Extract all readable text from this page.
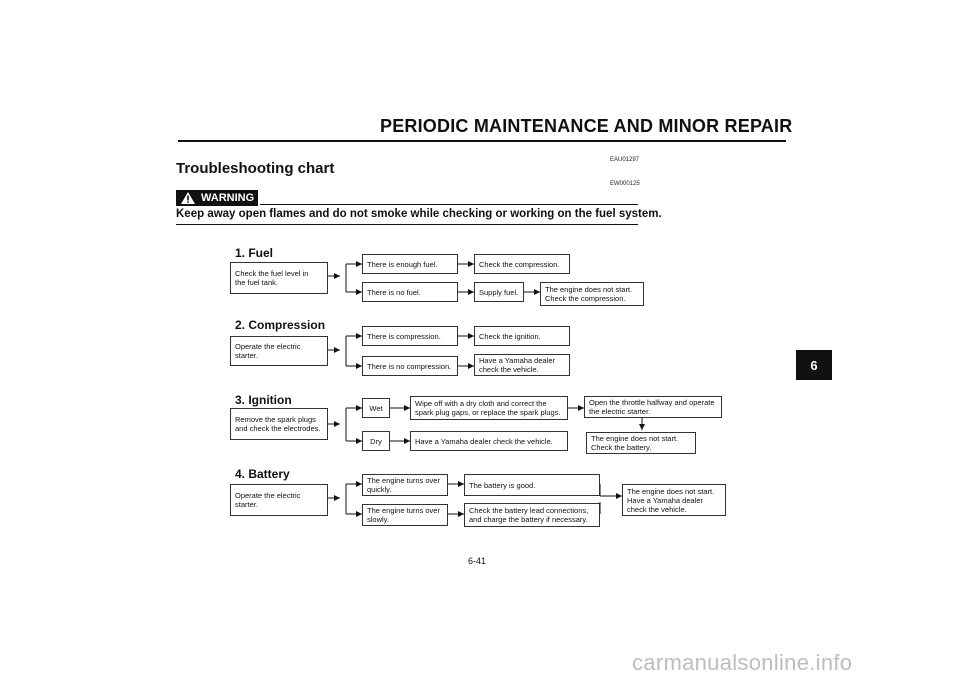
PERIODIC MAINTENANCE AND MINOR REPAIR
EAU01297
Troubleshooting chart
EW000125
WARNING
Keep away open flames and do not smoke while checking or working on the fuel system.
1. Fuel
Check the fuel level in
the fuel tank.
There is enough fuel.	Check the compression.
There is no fuel.	Supply fuel.	The engine does not start.
Check the compression.
2. Compression
Operate the electric starter.
There is compression.	Check the ignition.
There is no compression.
Have a Yamaha dealer
check the vehicle.
3. Ignition
Remove the spark plugs
and check the electrodes.
Wet	Wipe off with a dry cloth and correct the
spark plug gaps, or replace the spark plugs.
Open the throttle halfway and operate
the electric starter.
The engine does not start.
Check the battery.
Dry	Have a Yamaha dealer check the vehicle.
4. Battery
Operate the electric starter.
The engine turns over
quickly.	The battery is good.
The engine turns over
slowly.
Check the battery lead connections,
and charge the battery if necessary.
The engine does not start.
Have a Yamaha dealer
check the vehicle.
6
6-41
carmanualsonline.info
